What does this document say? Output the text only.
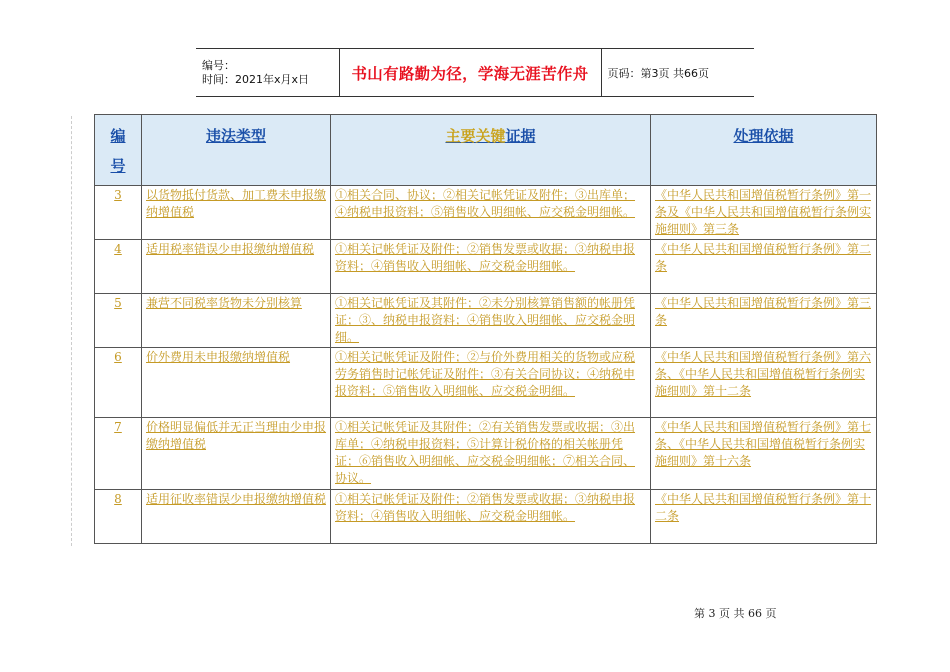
编号：
时间：2021年x月x日	书山有路勤为径，学海无涯苦作舟	页码：第3页 共66页
编号	违法类型	主要关键证据	处理依据

3	以货物抵付货款、加工费未申报缴纳增值税	①相关合同、协议；②相关记帐凭证及附件；③出库单；④纳税申报资料；⑤销售收入明细帐、应交税金明细帐。	《中华人民共和国增值税暂行条例》第一条及《中华人民共和国增值税暂行条例实施细则》第三条

4	适用税率错误少申报缴纳增值税	①相关记帐凭证及附件；②销售发票或收据；③纳税申报资料；④销售收入明细帐、应交税金明细帐。	《中华人民共和国增值税暂行条例》第二条

5	兼营不同税率货物未分别核算	①相关记帐凭证及其附件；②未分别核算销售额的帐册凭证；③、纳税申报资料；④销售收入明细帐、应交税金明细。	《中华人民共和国增值税暂行条例》第三条

6	价外费用未申报缴纳增值税	①相关记帐凭证及附件；②与价外费用相关的货物或应税劳务销售时记帐凭证及附件；③有关合同协议；④纳税申报资料；⑤销售收入明细帐、应交税金明细。	《中华人民共和国增值税暂行条例》第六条、《中华人民共和国增值税暂行条例实施细则》第十二条

7	价格明显偏低并无正当理由少申报缴纳增值税	①相关记帐凭证及其附件；②有关销售发票或收据；③出库单；④纳税申报资料；⑤计算计税价格的相关帐册凭证；⑥销售收入明细帐、应交税金明细帐；⑦相关合同、协议。	《中华人民共和国增值税暂行条例》第七条、《中华人民共和国增值税暂行条例实施细则》第十六条

8	适用征收率错误少申报缴纳增值税	①相关记帐凭证及附件；②销售发票或收据；③纳税申报资料；④销售收入明细帐、应交税金明细帐。	《中华人民共和国增值税暂行条例》第十二条
第 3 页 共 66 页
